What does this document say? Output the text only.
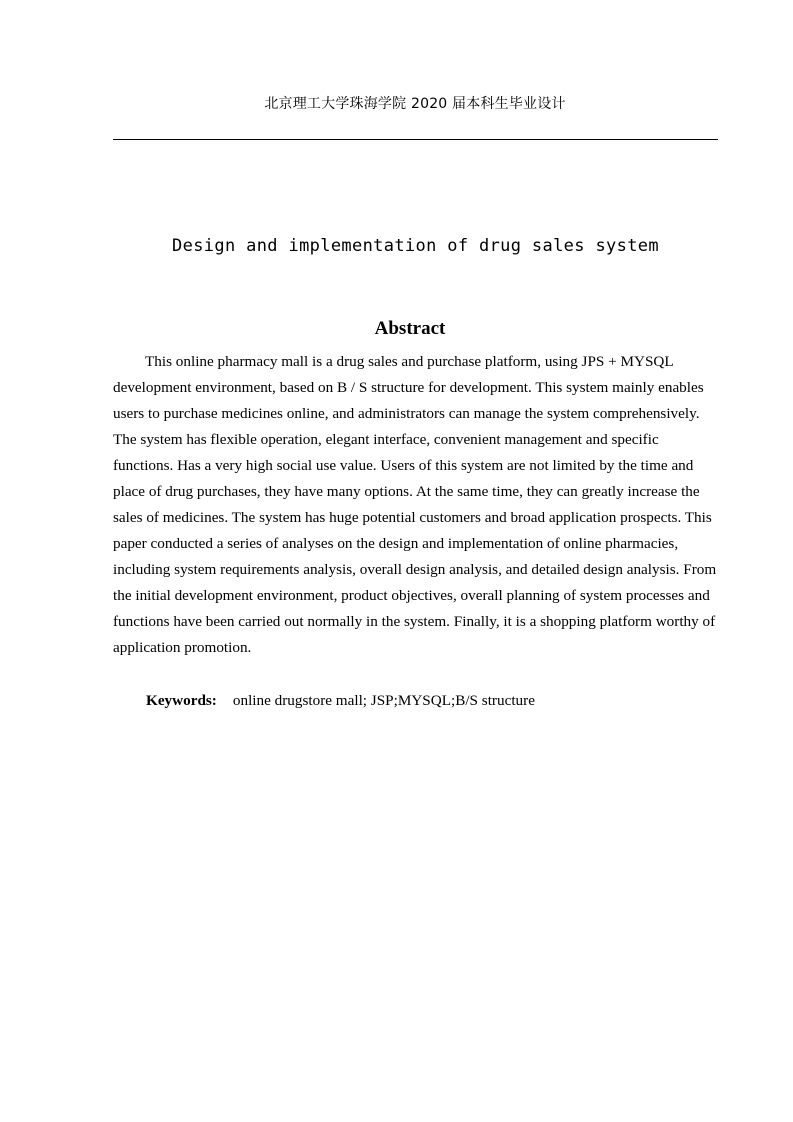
北京理工大学珠海学院 2020 届本科生毕业设计
Design and implementation of drug sales system
Abstract

This online pharmacy mall is a drug sales and purchase platform, using JPS + MYSQL development environment, based on B / S structure for development. This system mainly enables users to purchase medicines online, and administrators can manage the system comprehensively. The system has flexible operation, elegant interface, convenient management and specific functions. Has a very high social use value. Users of this system are not limited by the time and place of drug purchases, they have many options. At the same time, they can greatly increase the sales of medicines. The system has huge potential customers and broad application prospects. This paper conducted a series of analyses on the design and implementation of online pharmacies, including system requirements analysis, overall design analysis, and detailed design analysis. From the initial development environment, product objectives, overall planning of system processes and functions have been carried out normally in the system. Finally, it is a shopping platform worthy of application promotion.

Keywords: online drugstore mall; JSP;MYSQL;B/S structure
